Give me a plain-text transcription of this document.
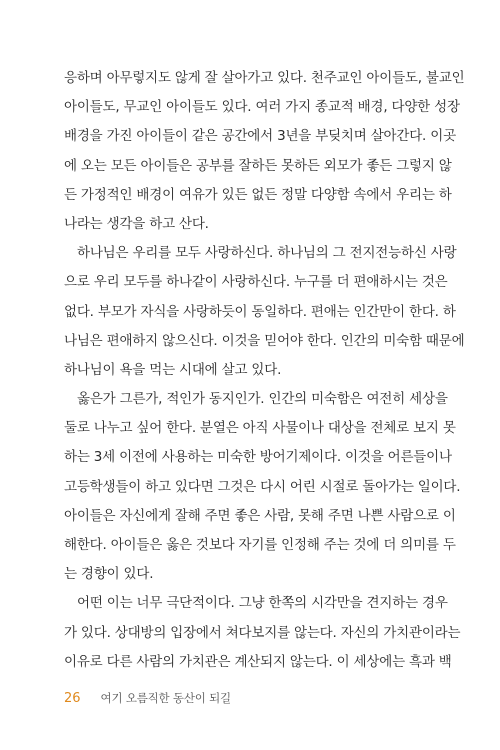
응하며 아무렇지도 않게 잘 살아가고 있다. 천주교인 아이들도, 불교인
아이들도, 무교인 아이들도 있다. 여러 가지 종교적 배경, 다양한 성장
배경을 가진 아이들이 같은 공간에서 3년을 부딪치며 살아간다. 이곳
에 오는 모든 아이들은 공부를 잘하든 못하든 외모가 좋든 그렇지 않
든 가정적인 배경이 여유가 있든 없든 정말 다양함 속에서 우리는 하
나라는 생각을 하고 산다.
하나님은 우리를 모두 사랑하신다. 하나님의 그 전지전능하신 사랑
으로 우리 모두를 하나같이 사랑하신다. 누구를 더 편애하시는 것은
없다. 부모가 자식을 사랑하듯이 동일하다. 편애는 인간만이 한다. 하
나님은 편애하지 않으신다. 이것을 믿어야 한다. 인간의 미숙함 때문에
하나님이 욕을 먹는 시대에 살고 있다.
옳은가 그른가, 적인가 동지인가. 인간의 미숙함은 여전히 세상을
둘로 나누고 싶어 한다. 분열은 아직 사물이나 대상을 전체로 보지 못
하는 3세 이전에 사용하는 미숙한 방어기제이다. 이것을 어른들이나
고등학생들이 하고 있다면 그것은 다시 어린 시절로 돌아가는 일이다.
아이들은 자신에게 잘해 주면 좋은 사람, 못해 주면 나쁜 사람으로 이
해한다. 아이들은 옳은 것보다 자기를 인정해 주는 것에 더 의미를 두
는 경향이 있다.
어떤 이는 너무 극단적이다. 그냥 한쪽의 시각만을 견지하는 경우
가 있다. 상대방의 입장에서 쳐다보지를 않는다. 자신의 가치관이라는
이유로 다른 사람의 가치관은 계산되지 않는다. 이 세상에는 흑과 백
26 여기 오름직한 동산이 되길
